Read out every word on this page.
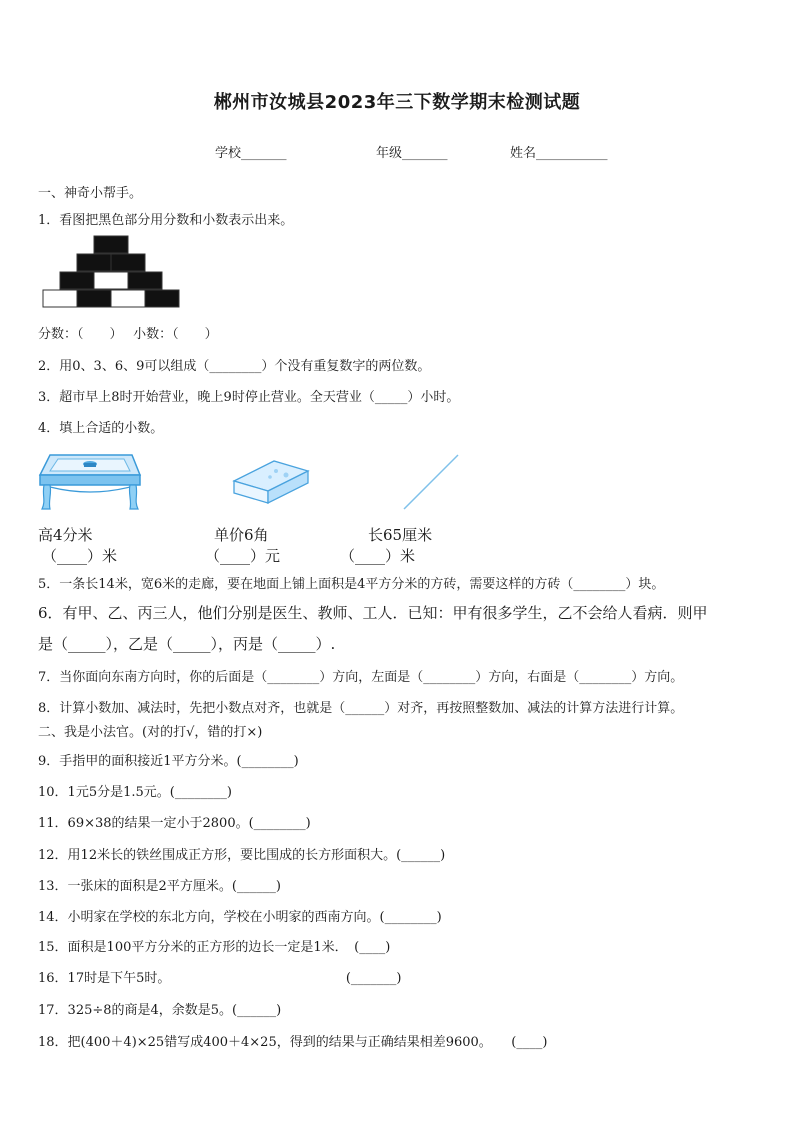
郴州市汝城县2023年三下数学期末检测试题
学校_______	年级_______	姓名___________
一、神奇小帮手。
1．看图把黑色部分用分数和小数表示出来。
分数：（　　）　 小数：（　　）
2．用0、3、6、9可以组成（________）个没有重复数字的两位数。
3．超市早上8时开始营业，晚上9时停止营业。全天营业（_____）小时。
4．填上合适的小数。
高4分米	单价6角	长65厘米
（____）米	（____）元	（____）米
5．一条长14米，宽6米的走廊，要在地面上铺上面积是4平方分米的方砖，需要这样的方砖（________）块。
6．有甲、乙、丙三人，他们分别是医生、教师、工人．已知：甲有很多学生，乙不会给人看病．则甲
是（_____），乙是（_____），丙是（_____）.
7．当你面向东南方向时，你的后面是（________）方向，左面是（________）方向，右面是（________）方向。
8．计算小数加、减法时，先把小数点对齐，也就是（______）对齐，再按照整数加、减法的计算方法进行计算。
二、我是小法官。(对的打√，错的打×)
9．手指甲的面积接近1平方分米。(________)
10．1元5分是1.5元。(________)
11．69×38的结果一定小于2800。(________)
12．用12米长的铁丝围成正方形，要比围成的长方形面积大。(______)
13．一张床的面积是2平方厘米。(______)
14．小明家在学校的东北方向，学校在小明家的西南方向。(________)
15．面积是100平方分米的正方形的边长一定是1米．　(____)
16．17时是下午5时。　　　　　　　　　　　　　　(_______)
17．325÷8的商是4，余数是5。(______)
18．把(400＋4)×25错写成400＋4×25，得到的结果与正确结果相差9600。　　(____)
